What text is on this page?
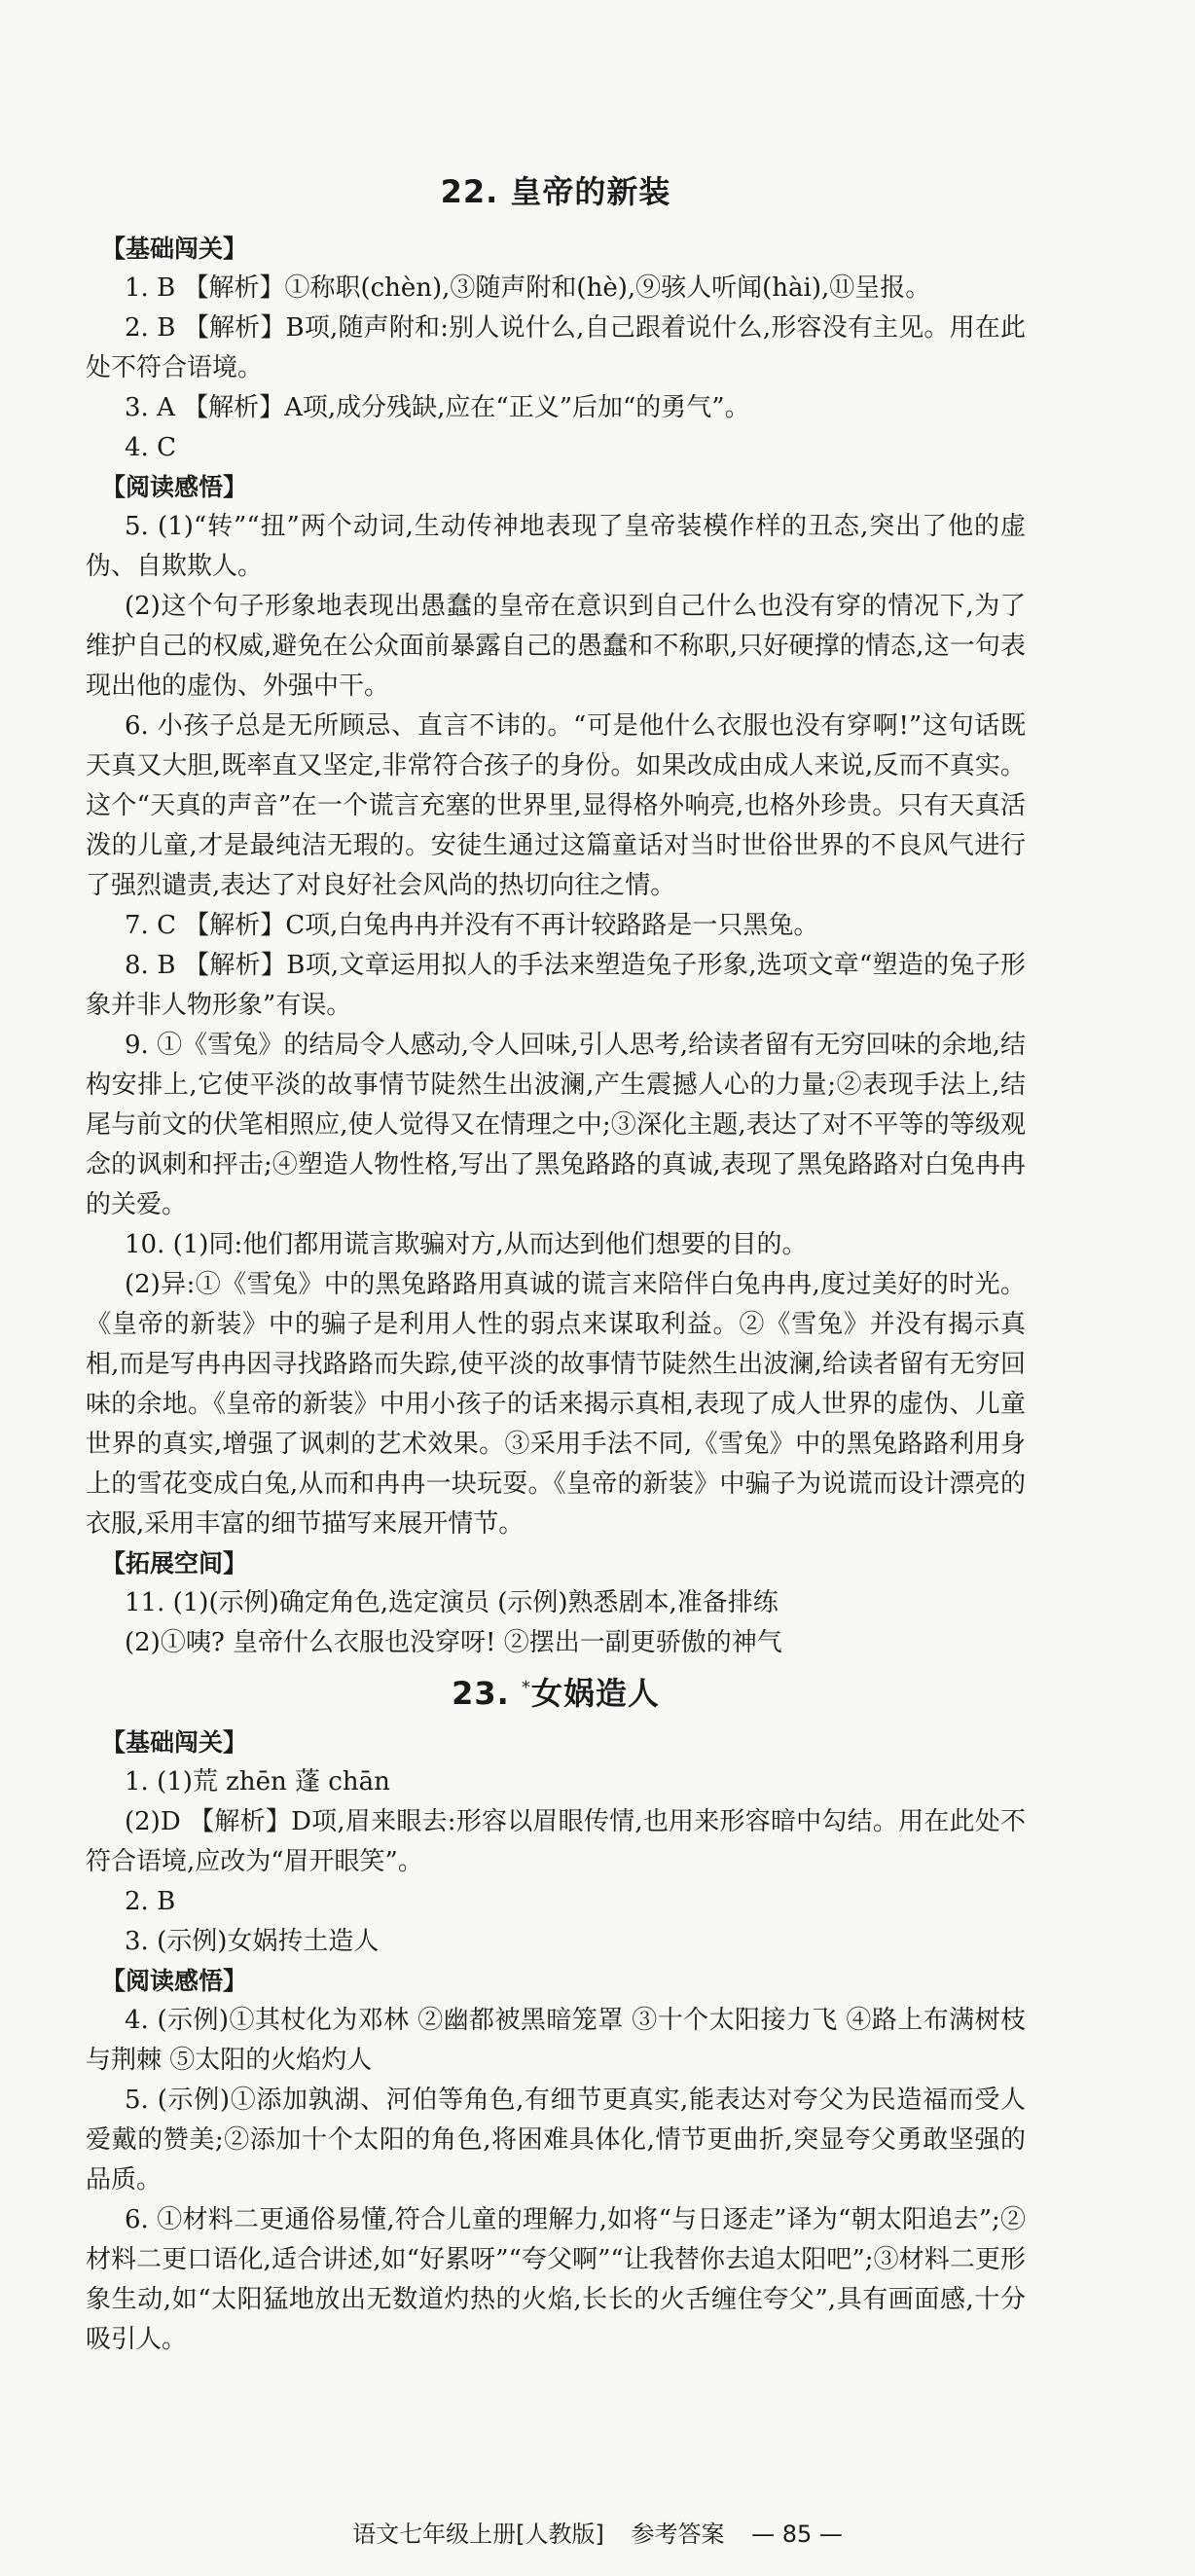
22. 皇帝的新装
【基础闯关】

1. B 【解析】①称职(chèn),③随声附和(hè),⑨骇人听闻(hài),⑪呈报。

2. B 【解析】B项,随声附和:别人说什么,自己跟着说什么,形容没有主见。用在此处不符合语境。

3. A 【解析】A项,成分残缺,应在“正义”后加“的勇气”。

4. C

【阅读感悟】

5. (1)“转”“扭”两个动词,生动传神地表现了皇帝装模作样的丑态,突出了他的虚伪、自欺欺人。

(2)这个句子形象地表现出愚蠢的皇帝在意识到自己什么也没有穿的情况下,为了维护自己的权威,避免在公众面前暴露自己的愚蠢和不称职,只好硬撑的情态,这一句表现出他的虚伪、外强中干。

6. 小孩子总是无所顾忌、直言不讳的。“可是他什么衣服也没有穿啊!”这句话既天真又大胆,既率直又坚定,非常符合孩子的身份。如果改成由成人来说,反而不真实。这个“天真的声音”在一个谎言充塞的世界里,显得格外响亮,也格外珍贵。只有天真活泼的儿童,才是最纯洁无瑕的。安徒生通过这篇童话对当时世俗世界的不良风气进行了强烈谴责,表达了对良好社会风尚的热切向往之情。

7. C 【解析】C项,白兔冉冉并没有不再计较路路是一只黑兔。

8. B 【解析】B项,文章运用拟人的手法来塑造兔子形象,选项文章“塑造的兔子形象并非人物形象”有误。

9. ①《雪兔》的结局令人感动,令人回味,引人思考,给读者留有无穷回味的余地,结构安排上,它使平淡的故事情节陡然生出波澜,产生震撼人心的力量;②表现手法上,结尾与前文的伏笔相照应,使人觉得又在情理之中;③深化主题,表达了对不平等的等级观念的讽刺和抨击;④塑造人物性格,写出了黑兔路路的真诚,表现了黑兔路路对白兔冉冉的关爱。

10. (1)同:他们都用谎言欺骗对方,从而达到他们想要的目的。

(2)异:①《雪兔》中的黑兔路路用真诚的谎言来陪伴白兔冉冉,度过美好的时光。《皇帝的新装》中的骗子是利用人性的弱点来谋取利益。②《雪兔》并没有揭示真相,而是写冉冉因寻找路路而失踪,使平淡的故事情节陡然生出波澜,给读者留有无穷回味的余地。《皇帝的新装》中用小孩子的话来揭示真相,表现了成人世界的虚伪、儿童世界的真实,增强了讽刺的艺术效果。③采用手法不同,《雪兔》中的黑兔路路利用身上的雪花变成白兔,从而和冉冉一块玩耍。《皇帝的新装》中骗子为说谎而设计漂亮的衣服,采用丰富的细节描写来展开情节。

【拓展空间】

11. (1)(示例)确定角色,选定演员 (示例)熟悉剧本,准备排练

(2)①咦? 皇帝什么衣服也没穿呀! ②摆出一副更骄傲的神气

23. *女娲造人
【基础闯关】

1. (1)荒 zhēn 蓬 chān

(2)D 【解析】D项,眉来眼去:形容以眉眼传情,也用来形容暗中勾结。用在此处不符合语境,应改为“眉开眼笑”。

2. B

3. (示例)女娲抟土造人

【阅读感悟】

4. (示例)①其杖化为邓林 ②幽都被黑暗笼罩 ③十个太阳接力飞 ④路上布满树枝与荆棘 ⑤太阳的火焰灼人

5. (示例)①添加孰湖、河伯等角色,有细节更真实,能表达对夸父为民造福而受人爱戴的赞美;②添加十个太阳的角色,将困难具体化,情节更曲折,突显夸父勇敢坚强的品质。

6. ①材料二更通俗易懂,符合儿童的理解力,如将“与日逐走”译为“朝太阳追去”;②材料二更口语化,适合讲述,如“好累呀”“夸父啊”“让我替你去追太阳吧”;③材料二更形象生动,如“太阳猛地放出无数道灼热的火焰,长长的火舌缠住夸父”,具有画面感,十分吸引人。

语文七年级上册[人教版] 参考答案 — 85 —
